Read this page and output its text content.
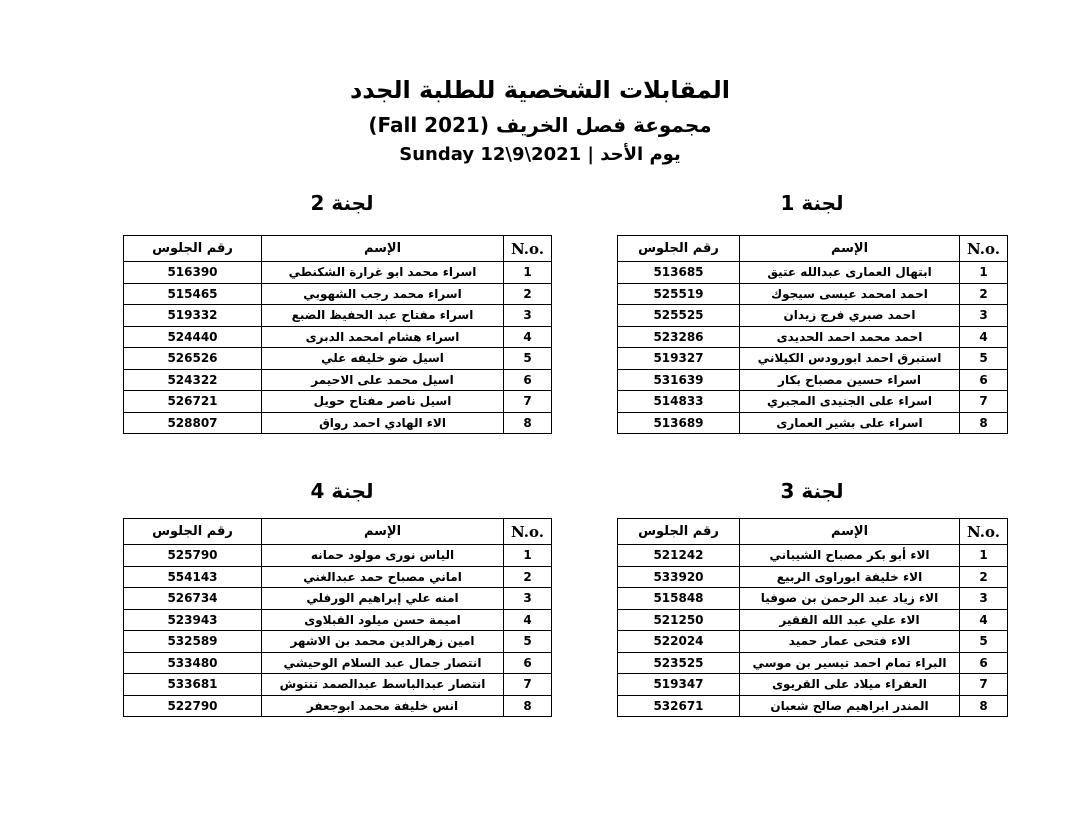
المقابلات الشخصية للطلبة الجدد
مجموعة فصل الخريف (Fall 2021)
يوم الأحد | Sunday 12\9\2021
لجنة 1
لجنة 2
لجنة 3
لجنة 4
N.o.	الإسم	رقم الجلوس
1	ابتهال العمارى عبدالله عتيق	513685
2	احمد امحمد عيسى سيجوك	525519
3	احمد صبري فرج زيدان	525525
4	احمد محمد احمد الحديدى	523286
5	استبرق احمد ابورودس الكيلاني	519327
6	اسراء حسين مصباح بكار	531639
7	اسراء على الجنيدى المجبري	514833
8	اسراء على بشير العمارى	513689
N.o.	الإسم	رقم الجلوس
1	اسراء محمد ابو غرارة الشكنطي	516390
2	اسراء محمد رجب الشهوبي	515465
3	اسراء مفتاح عبد الحفيظ الضبع	519332
4	اسراء هشام امحمد الدبرى	524440
5	اسيل ضو خليفه علي	526526
6	اسيل محمد على الاحيمر	524322
7	اسيل ناصر مفتاح حويل	526721
8	الاء الهادي احمد رواق	528807
N.o.	الإسم	رقم الجلوس
1	الاء أبو بكر مصباح الشيباني	521242
2	الاء خليفة ابوراوى الربيع	533920
3	الاء زياد عبد الرحمن بن صوفيا	515848
4	الاء علي عبد الله الفقير	521250
5	الاء فتحى عمار حميد	522024
6	البراء تمام احمد تيسير بن موسي	523525
7	العفراء ميلاد على القريوى	519347
8	المندر ابراهيم صالح شعبان	532671
N.o.	الإسم	رقم الجلوس
1	الياس نورى مولود حمانه	525790
2	اماني مصباح حمد عبدالغني	554143
3	امنه علي إبراهيم الورفلي	526734
4	اميمة حسن ميلود القبلاوى	523943
5	امين زهرالدين محمد بن الاشهر	532589
6	انتصار جمال عبد السلام الوحيشي	533480
7	انتصار عبدالباسط عبدالصمد تنتوش	533681
8	انس خليفة محمد ابوجعفر	522790
